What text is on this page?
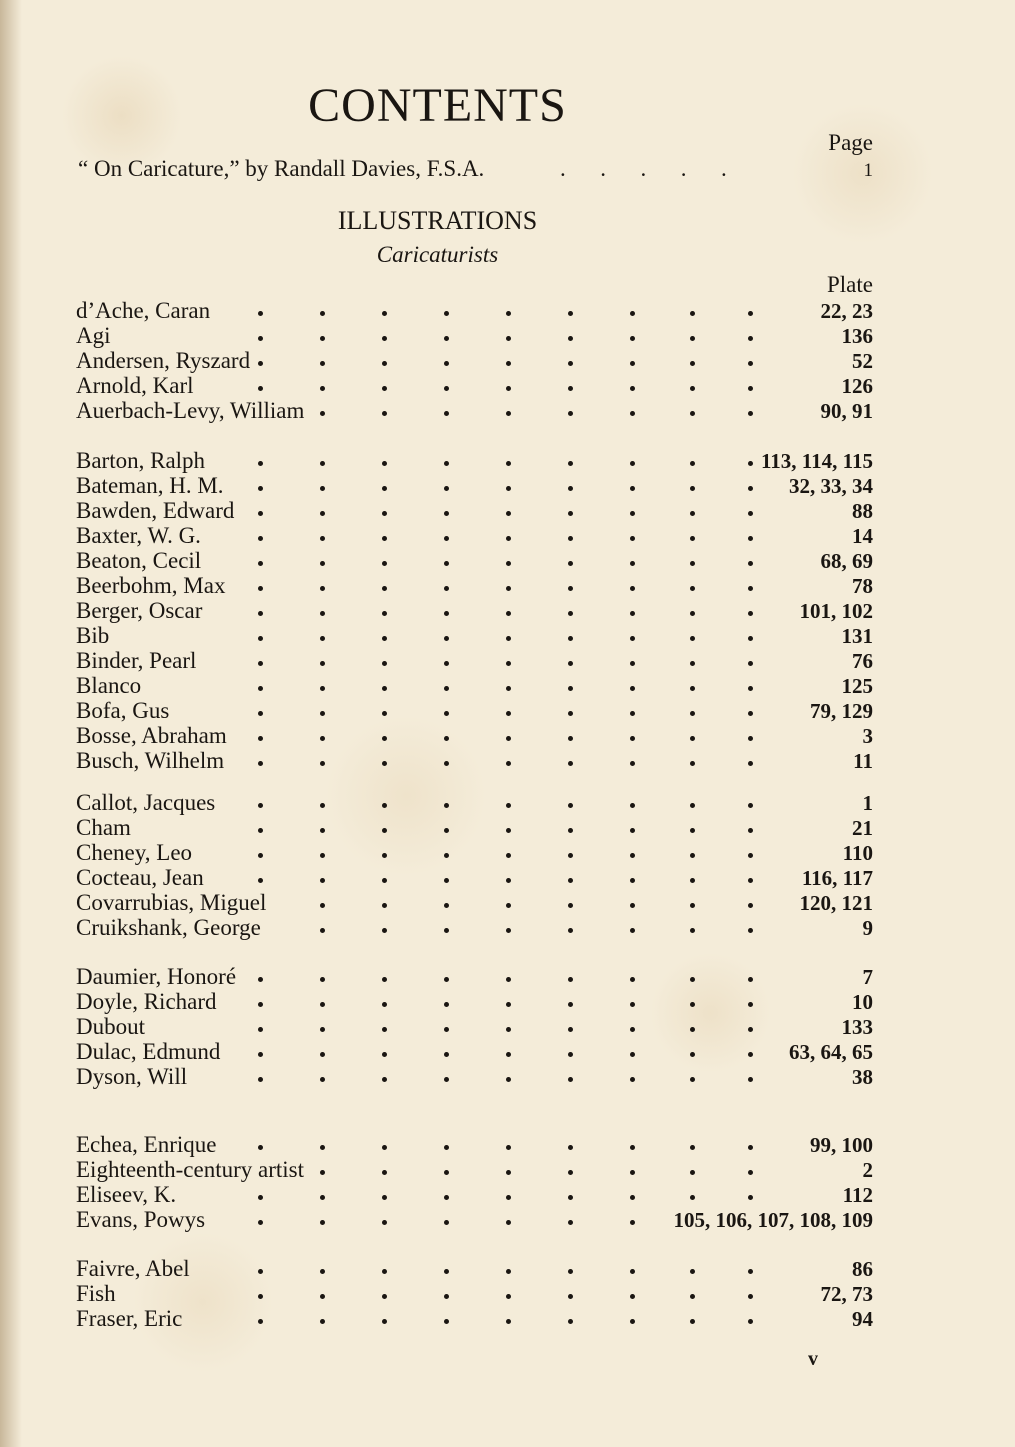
CONTENTS
Page
“ On Caricature,” by Randall Davies, F.S.A.	.      .      .      .      .	1
ILLUSTRATIONS
Caricaturists
Plate
d’Ache, Caran	22, 23
Agi	136
Andersen, Ryszard	52
Arnold, Karl	126
Auerbach-Levy, William	90, 91
Barton, Ralph	113, 114, 115
Bateman, H. M.	32, 33, 34
Bawden, Edward	88
Baxter, W. G.	14
Beaton, Cecil	68, 69
Beerbohm, Max	78
Berger, Oscar	101, 102
Bib	131
Binder, Pearl	76
Blanco	125
Bofa, Gus	79, 129
Bosse, Abraham	3
Busch, Wilhelm	11
Callot, Jacques	1
Cham	21
Cheney, Leo	110
Cocteau, Jean	116, 117
Covarrubias, Miguel	120, 121
Cruikshank, George	9
Daumier, Honoré	7
Doyle, Richard	10
Dubout	133
Dulac, Edmund	63, 64, 65
Dyson, Will	38
Echea, Enrique	99, 100
Eighteenth-century artist	2
Eliseev, K.	112
Evans, Powys	105, 106, 107, 108, 109
Faivre, Abel	86
Fish	72, 73
Fraser, Eric	94
v
